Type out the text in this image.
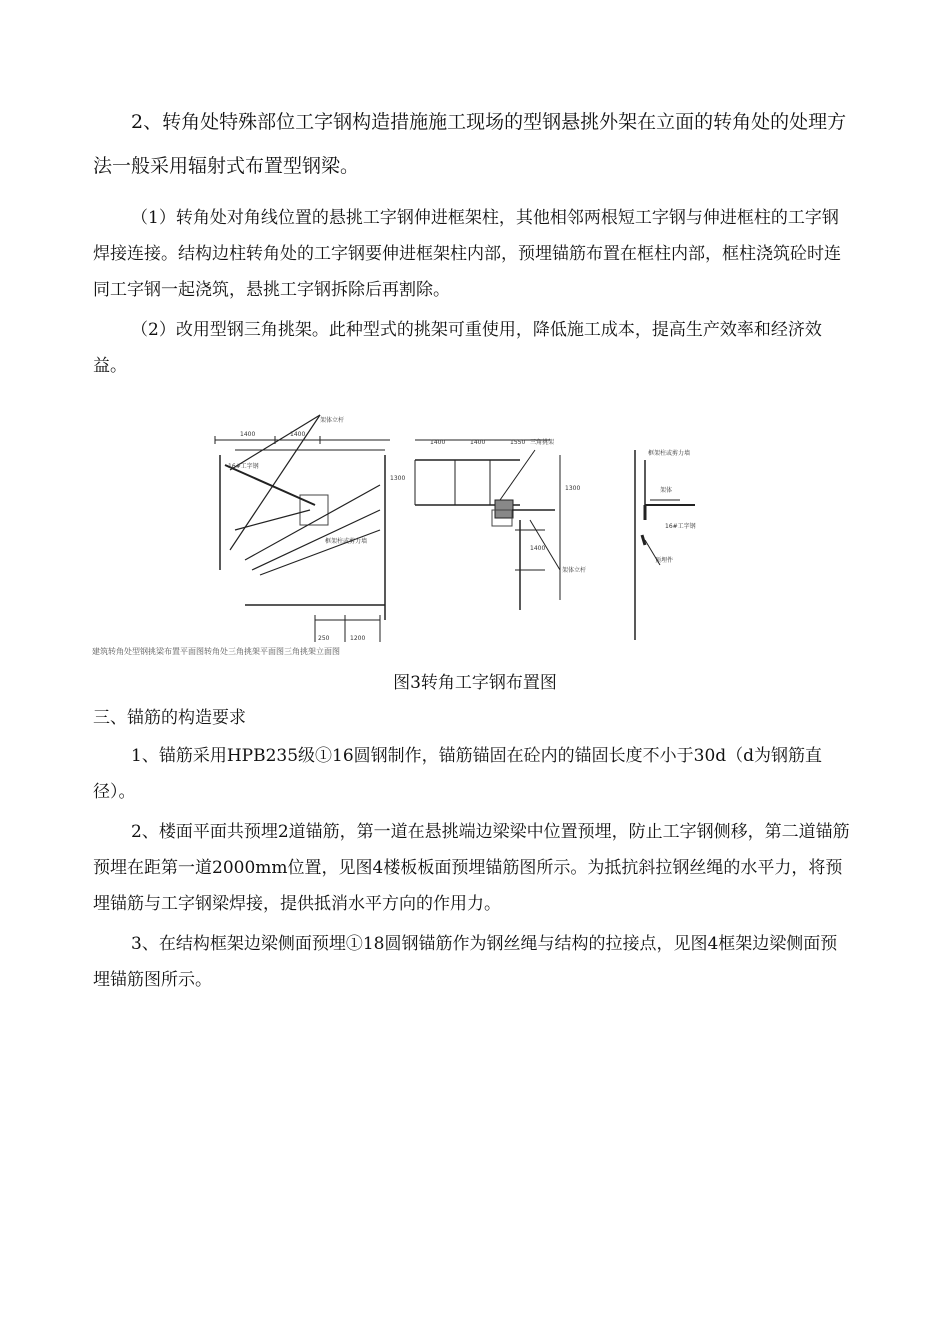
2、转角处特殊部位工字钢构造措施施工现场的型钢悬挑外架在立面的转角处的处理方法一般采用辐射式布置型钢梁。

（1）转角处对角线位置的悬挑工字钢伸进框架柱，其他相邻两根短工字钢与伸进框柱的工字钢焊接连接。结构边柱转角处的工字钢要伸进框架柱内部，预埋锚筋布置在框柱内部，框柱浇筑砼时连同工字钢一起浇筑，悬挑工字钢拆除后再割除。

（2）改用型钢三角挑架。此种型式的挑架可重使用，降低施工成本，提高生产效率和经济效益。

架体立杆
16#工字钢
框架柱或剪力墙
1400	1400
1400	1400	1550
1300
250	1200
三角挑架
架体立杆
1300
1400
框架柱或剪力墙
架体
16#工字钢
预埋件
建筑转角处型钢挑梁布置平面图转角处三角挑架平面图三角挑架立面图
图3转角工字钢布置图

三、锚筋的构造要求

1、锚筋采用HPB235级①16圆钢制作，锚筋锚固在砼内的锚固长度不小于30d（d为钢筋直径）。

2、楼面平面共预埋2道锚筋，第一道在悬挑端边梁梁中位置预埋，防止工字钢侧移，第二道锚筋预埋在距第一道2000mm位置，见图4楼板板面预埋锚筋图所示。为抵抗斜拉钢丝绳的水平力，将预埋锚筋与工字钢梁焊接，提供抵消水平方向的作用力。

3、在结构框架边梁侧面预埋①18圆钢锚筋作为钢丝绳与结构的拉接点，见图4框架边梁侧面预埋锚筋图所示。
